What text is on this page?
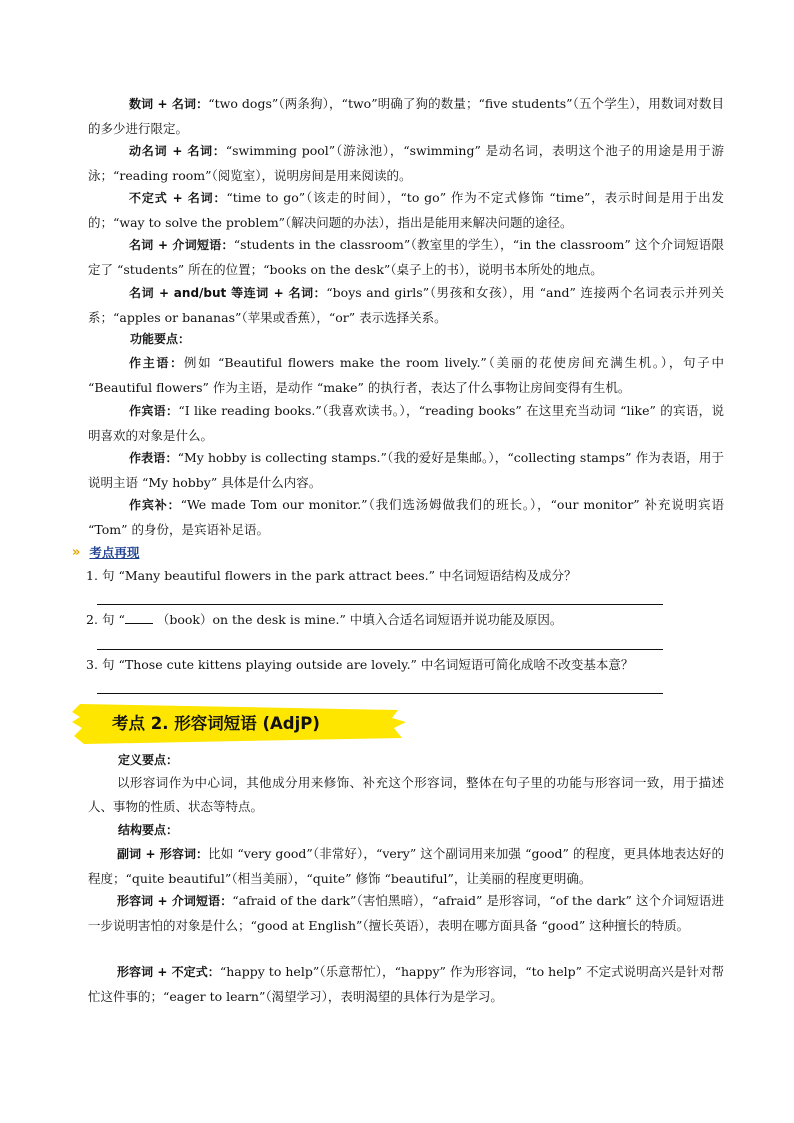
数词 + 名词：“two dogs”（两条狗），“two”明确了狗的数量；“five students”（五个学生），用数词对数目的多少进行限定。
动名词 + 名词：“swimming pool”（游泳池），“swimming” 是动名词，表明这个池子的用途是用于游泳；“reading room”（阅览室），说明房间是用来阅读的。
不定式 + 名词：“time to go”（该走的时间），“to go” 作为不定式修饰 “time”，表示时间是用于出发的；“way to solve the problem”（解决问题的办法），指出是能用来解决问题的途径。
名词 + 介词短语：“students in the classroom”（教室里的学生），“in the classroom” 这个介词短语限定了 “students” 所在的位置；“books on the desk”（桌子上的书），说明书本所处的地点。
名词 + and/but 等连词 + 名词：“boys and girls”（男孩和女孩），用 “and” 连接两个名词表示并列关系；“apples or bananas”（苹果或香蕉），“or” 表示选择关系。
功能要点：
作主语：例如 “Beautiful flowers make the room lively.”（美丽的花使房间充满生机。），句子中 “Beautiful flowers” 作为主语，是动作 “make” 的执行者，表达了什么事物让房间变得有生机。
作宾语：“I like reading books.”（我喜欢读书。），“reading books” 在这里充当动词 “like” 的宾语，说明喜欢的对象是什么。
作表语：“My hobby is collecting stamps.”（我的爱好是集邮。），“collecting stamps” 作为表语，用于说明主语 “My hobby” 具体是什么内容。
作宾补：“We made Tom our monitor.”（我们选汤姆做我们的班长。），“our monitor” 补充说明宾语 “Tom” 的身份，是宾语补足语。
» 考点再现
1. 句 “Many beautiful flowers in the park attract bees.” 中名词短语结构及成分？
2. 句 “ （book）on the desk is mine.” 中填入合适名词短语并说功能及原因。
3. 句 “Those cute kittens playing outside are lovely.” 中名词短语可简化成啥不改变基本意？
考点 2. 形容词短语 (AdjP)
定义要点：
以形容词作为中心词，其他成分用来修饰、补充这个形容词，整体在句子里的功能与形容词一致，用于描述人、事物的性质、状态等特点。
结构要点：
副词 + 形容词：比如 “very good”（非常好），“very” 这个副词用来加强 “good” 的程度，更具体地表达好的程度；“quite beautiful”（相当美丽），“quite” 修饰 “beautiful”，让美丽的程度更明确。
形容词 + 介词短语：“afraid of the dark”（害怕黑暗），“afraid” 是形容词，“of the dark” 这个介词短语进一步说明害怕的对象是什么；“good at English”（擅长英语），表明在哪方面具备 “good” 这种擅长的特质。
形容词 + 不定式：“happy to help”（乐意帮忙），“happy” 作为形容词，“to help” 不定式说明高兴是针对帮忙这件事的；“eager to learn”（渴望学习），表明渴望的具体行为是学习。
